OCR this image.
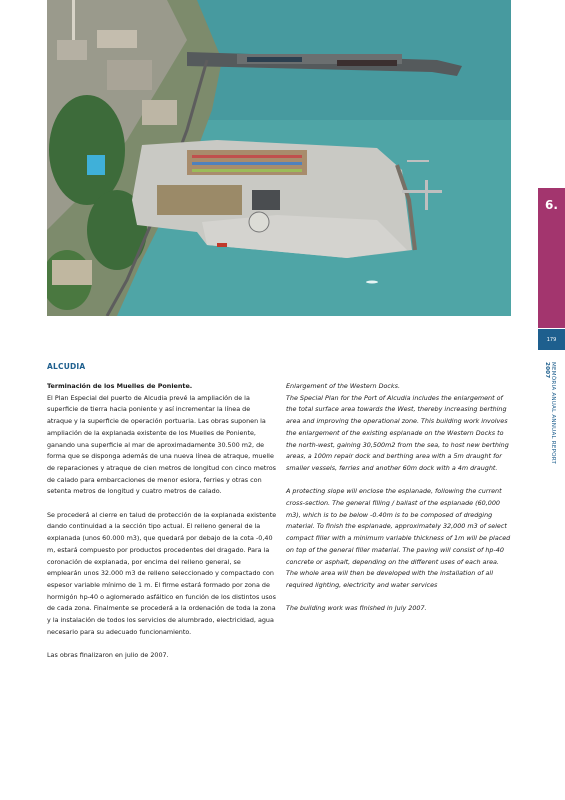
6.
179
MEMÒRIA ANUAL ANNUAL REPORT
2007
ALCUDIA
Terminación de los Muelles de Poniente.

El Plan Especial del puerto de Alcudia prevé la ampliación de la superficie de tierra hacia poniente y así incrementar la línea de atraque y la superficie de operación portuaria. Las obras suponen la ampliación de la explanada existente de los Muelles de Poniente, ganando una superficie al mar de aproximadamente 30.500 m2, de forma que se disponga además de una nueva línea de atraque, muelle de reparaciones y atraque de cien metros de longitud con cinco metros de calado para embarcaciones de menor eslora, ferries y otras con setenta metros de longitud y cuatro metros de calado.

Se procederá al cierre en talud de protección de la explanada existente dando continuidad a la sección tipo actual. El relleno general de la explanada (unos 60.000 m3), que quedará por debajo de la cota -0,40 m, estará compuesto por productos procedentes del dragado. Para la coronación de explanada, por encima del relleno general, se emplearán unos 32.000 m3 de relleno seleccionado y compactado con espesor variable mínimo de 1 m. El firme estará formado por zona de hormigón hp-40 o aglomerado asfáltico en función de los distintos usos de cada zona. Finalmente se procederá a la ordenación de toda la zona y la instalación de todos los servicios de alumbrado, electricidad, agua necesario para su adecuado funcionamiento.

Las obras finalizaron en julio de 2007.

Enlargement of the Western Docks.

The Special Plan for the Port of Alcudia includes the enlargement of the total surface area towards the West, thereby increasing berthing area and improving the operational zone. This building work involves the enlargement of the existing esplanade on the Western Docks to the north-west, gaining 30,500m2 from the sea, to host new berthing areas, a 100m repair dock and berthing area with a 5m draught for smaller vessels, ferries and another 60m dock with a 4m draught.

A protecting slope will enclose the esplanade, following the current cross-section. The general filling / ballast of the esplanade (60,000 m3), which is to be below -0.40m is to be composed of dredging material. To finish the esplanade, approximately 32,000 m3 of select compact filler with a minimum variable thickness of 1m will be placed on top of the general filler material. The paving will consist of hp-40 concrete or asphalt, depending on the different uses of each area. The whole area will then be developed with the installation of all required lighting, electricity and water services

The building work was finished in July 2007.
